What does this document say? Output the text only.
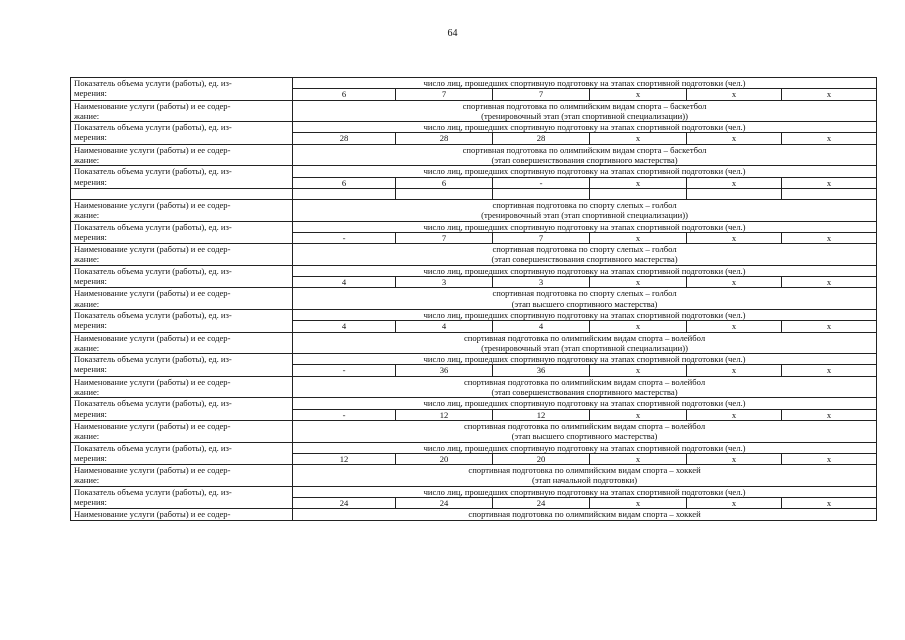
64
Показатель объема услуги (работы), ед. из-
мерения:	число лиц, прошедших спортивную подготовку на этапах спортивной подготовки (чел.)					
	6	7	7	x	x	x

Наименование услуги (работы) и ее содер-
жание:	спортивная подготовка по олимпийским видам спорта – баскетбол
(тренировочный этап (этап спортивной специализации))					

Показатель объема услуги (работы), ед. из-
мерения:	число лиц, прошедших спортивную подготовку на этапах спортивной подготовки (чел.)					
	28	28	28	x	x	x

Наименование услуги (работы) и ее содер-
жание:	спортивная подготовка по олимпийским видам спорта – баскетбол
(этап совершенствования спортивного мастерства)					

Показатель объема услуги (работы), ед. из-
мерения:	число лиц, прошедших спортивную подготовку на этапах спортивной подготовки (чел.)					
	6	6	-	x	x	x

Наименование услуги (работы) и ее содер-
жание:	спортивная подготовка по спорту слепых – голбол
(тренировочный этап (этап спортивной специализации))					

Показатель объема услуги (работы), ед. из-
мерения:	число лиц, прошедших спортивную подготовку на этапах спортивной подготовки (чел.)					
	-	7	7	x	x	x

Наименование услуги (работы) и ее содер-
жание:	спортивная подготовка по спорту слепых – голбол
(этап совершенствования спортивного мастерства)					

Показатель объема услуги (работы), ед. из-
мерения:	число лиц, прошедших спортивную подготовку на этапах спортивной подготовки (чел.)					
	4	3	3	x	x	x

Наименование услуги (работы) и ее содер-
жание:	спортивная подготовка по спорту слепых – голбол
(этап высшего спортивного мастерства)					

Показатель объема услуги (работы), ед. из-
мерения:	число лиц, прошедших спортивную подготовку на этапах спортивной подготовки (чел.)					
	4	4	4	x	x	x

Наименование услуги (работы) и ее содер-
жание:	спортивная подготовка по олимпийским видам спорта – волейбол
(тренировочный этап (этап спортивной специализации))					

Показатель объема услуги (работы), ед. из-
мерения:	число лиц, прошедших спортивную подготовку на этапах спортивной подготовки (чел.)					
	-	36	36	x	x	x

Наименование услуги (работы) и ее содер-
жание:	спортивная подготовка по олимпийским видам спорта – волейбол
(этап совершенствования спортивного мастерства)					

Показатель объема услуги (работы), ед. из-
мерения:	число лиц, прошедших спортивную подготовку на этапах спортивной подготовки (чел.)					
	-	12	12	x	x	x

Наименование услуги (работы) и ее содер-
жание:	спортивная подготовка по олимпийским видам спорта – волейбол
(этап высшего спортивного мастерства)					

Показатель объема услуги (работы), ед. из-
мерения:	число лиц, прошедших спортивную подготовку на этапах спортивной подготовки (чел.)					
	12	20	20	x	x	x

Наименование услуги (работы) и ее содер-
жание:	спортивная подготовка по олимпийским видам спорта – хоккей
(этап начальной подготовки)					

Показатель объема услуги (работы), ед. из-
мерения:	число лиц, прошедших спортивную подготовку на этапах спортивной подготовки (чел.)					
	24	24	24	x	x	x

Наименование услуги (работы) и ее содер-	спортивная подготовка по олимпийским видам спорта – хоккей					
